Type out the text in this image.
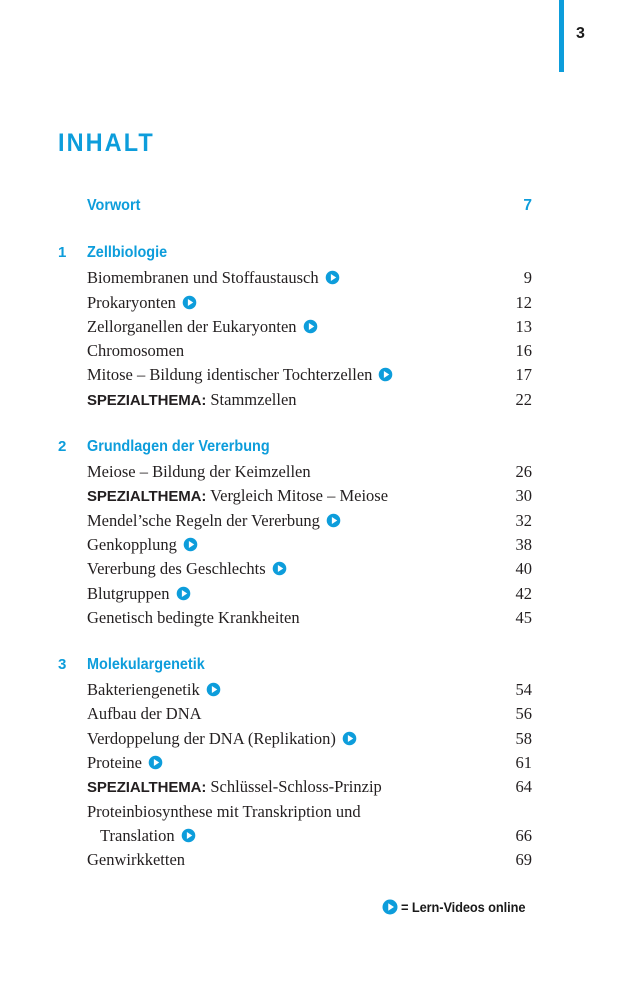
3
INHALT
Vorwort	7
1 Zellbiologie
Biomembranen und Stoffaustausch	9
Prokaryonten	12
Zellorganellen der Eukaryonten	13
Chromosomen	16
Mitose – Bildung identischer Tochterzellen	17
SPEZIALTHEMA: Stammzellen	22
2 Grundlagen der Vererbung
Meiose – Bildung der Keimzellen	26
SPEZIALTHEMA: Vergleich Mitose – Meiose	30
Mendel’sche Regeln der Vererbung	32
Genkopplung	38
Vererbung des Geschlechts	40
Blutgruppen	42
Genetisch bedingte Krankheiten	45
3 Molekulargenetik
Bakteriengenetik	54
Aufbau der DNA	56
Verdoppelung der DNA (Replikation)	58
Proteine	61
SPEZIALTHEMA: Schlüssel-Schloss-Prinzip	64
Proteinbiosynthese mit Transkription und
Translation	66
Genwirkketten	69
= Lern-Videos online
